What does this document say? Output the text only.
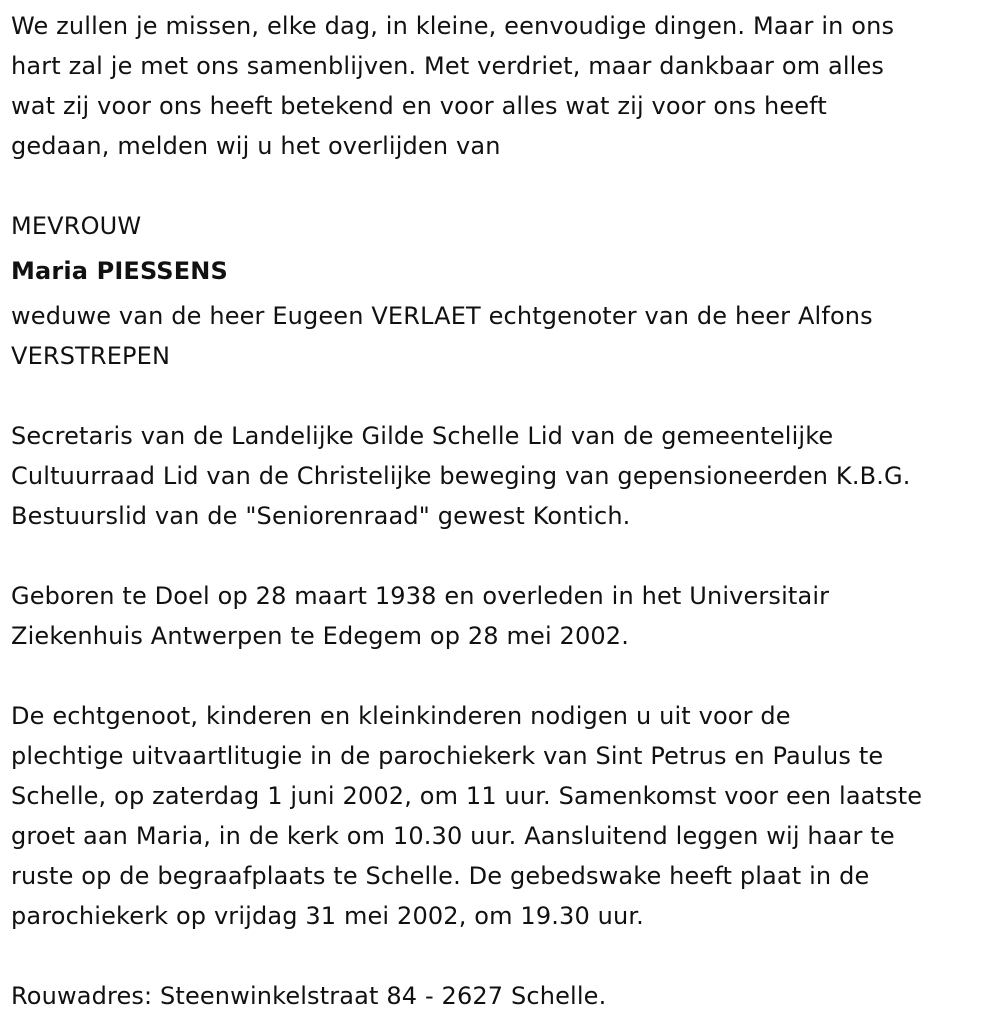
We zullen je missen, elke dag, in kleine, eenvoudige dingen. Maar in ons
hart zal je met ons samenblijven. Met verdriet, maar dankbaar om alles
wat zij voor ons heeft betekend en voor alles wat zij voor ons heeft
gedaan, melden wij u het overlijden van

MEVROUW

Maria PIESSENS

weduwe van de heer Eugeen VERLAET echtgenoter van de heer Alfons
VERSTREPEN

Secretaris van de Landelijke Gilde Schelle Lid van de gemeentelijke
Cultuurraad Lid van de Christelijke beweging van gepensioneerden K.B.G.
Bestuurslid van de "Seniorenraad" gewest Kontich.

Geboren te Doel op 28 maart 1938 en overleden in het Universitair
Ziekenhuis Antwerpen te Edegem op 28 mei 2002.

De echtgenoot, kinderen en kleinkinderen nodigen u uit voor de
plechtige uitvaartlitugie in de parochiekerk van Sint Petrus en Paulus te
Schelle, op zaterdag 1 juni 2002, om 11 uur. Samenkomst voor een laatste
groet aan Maria, in de kerk om 10.30 uur. Aansluitend leggen wij haar te
ruste op de begraafplaats te Schelle. De gebedswake heeft plaat in de
parochiekerk op vrijdag 31 mei 2002, om 19.30 uur.

Rouwadres: Steenwinkelstraat 84 - 2627 Schelle.
